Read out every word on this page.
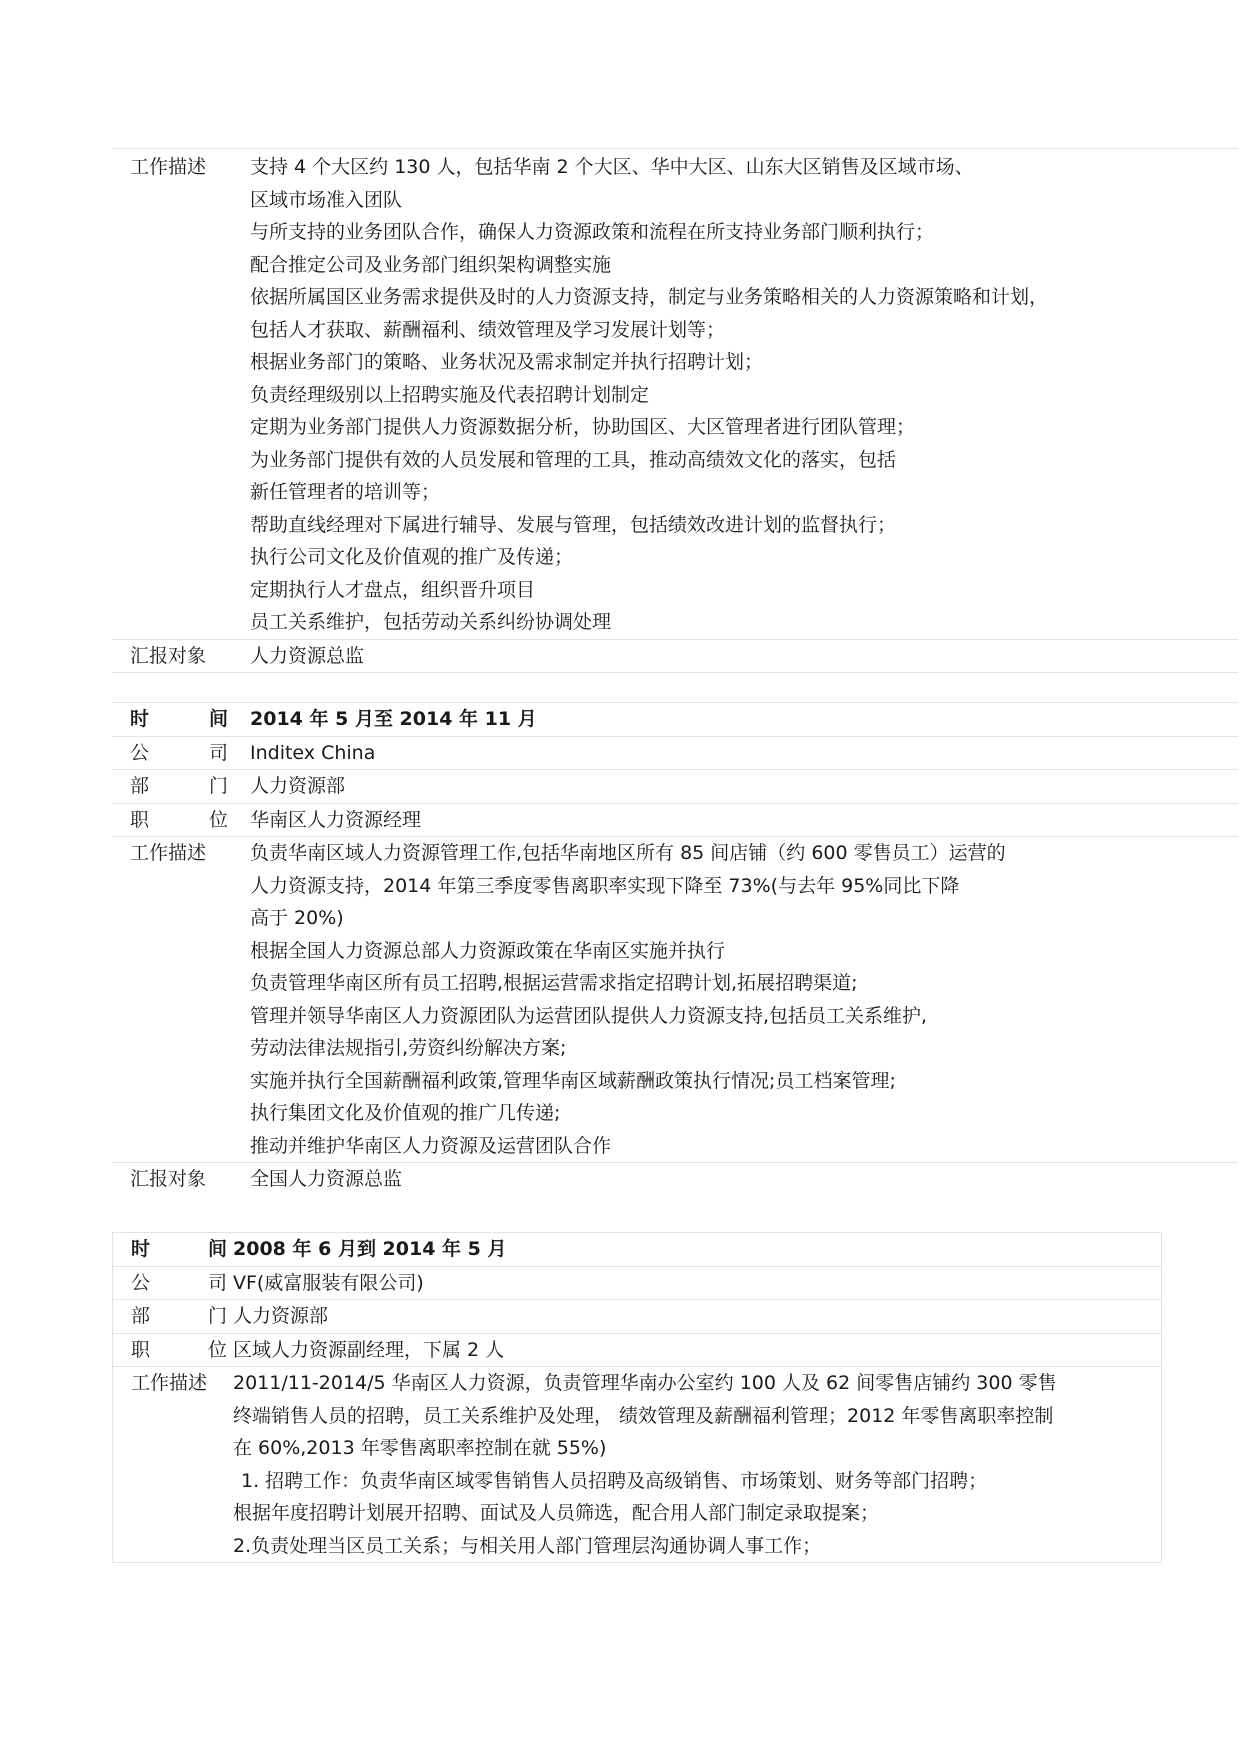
工作描述	支持 4 个大区约 130 人，包括华南 2 个大区、华中大区、山东大区销售及区域市场、
区域市场准入团队
与所支持的业务团队合作，确保人力资源政策和流程在所支持业务部门顺利执行；
配合推定公司及业务部门组织架构调整实施
依据所属国区业务需求提供及时的人力资源支持，制定与业务策略相关的人力资源策略和计划，
包括人才获取、薪酬福利、绩效管理及学习发展计划等；
根据业务部门的策略、业务状况及需求制定并执行招聘计划；
负责经理级别以上招聘实施及代表招聘计划制定
定期为业务部门提供人力资源数据分析，协助国区、大区管理者进行团队管理；
为业务部门提供有效的人员发展和管理的工具，推动高绩效文化的落实，包括
新任管理者的培训等；
帮助直线经理对下属进行辅导、发展与管理，包括绩效改进计划的监督执行；
执行公司文化及价值观的推广及传递；
定期执行人才盘点，组织晋升项目
员工关系维护，包括劳动关系纠纷协调处理
汇报对象	人力资源总监
时	间 2014 年 5 月至 2014 年 11 月
公	司 Inditex China
部	门 人力资源部
职	位 华南区人力资源经理
工作描述	负责华南区域人力资源管理工作,包括华南地区所有 85 间店铺（约 600 零售员工）运营的
人力资源支持，2014 年第三季度零售离职率实现下降至 73%(与去年 95%同比下降
高于 20%)
根据全国人力资源总部人力资源政策在华南区实施并执行
负责管理华南区所有员工招聘,根据运营需求指定招聘计划,拓展招聘渠道;
管理并领导华南区人力资源团队为运营团队提供人力资源支持,包括员工关系维护,
劳动法律法规指引,劳资纠纷解决方案;
实施并执行全国薪酬福利政策,管理华南区域薪酬政策执行情况;员工档案管理;
执行集团文化及价值观的推广几传递;
推动并维护华南区人力资源及运营团队合作
汇报对象	全国人力资源总监
时	间 2008 年 6 月到 2014 年 5 月
公	司 VF(威富服装有限公司)
部	门 人力资源部
职	位 区域人力资源副经理，下属 2 人
工作描述	2011/11-2014/5 华南区人力资源，负责管理华南办公室约 100 人及 62 间零售店铺约 300 零售
终端销售人员的招聘，员工关系维护及处理， 绩效管理及薪酬福利管理；2012 年零售离职率控制
在 60%,2013 年零售离职率控制在就 55%)
1. 招聘工作：负责华南区域零售销售人员招聘及高级销售、市场策划、财务等部门招聘；
根据年度招聘计划展开招聘、面试及人员筛选，配合用人部门制定录取提案；
2.负责处理当区员工关系；与相关用人部门管理层沟通协调人事工作；
